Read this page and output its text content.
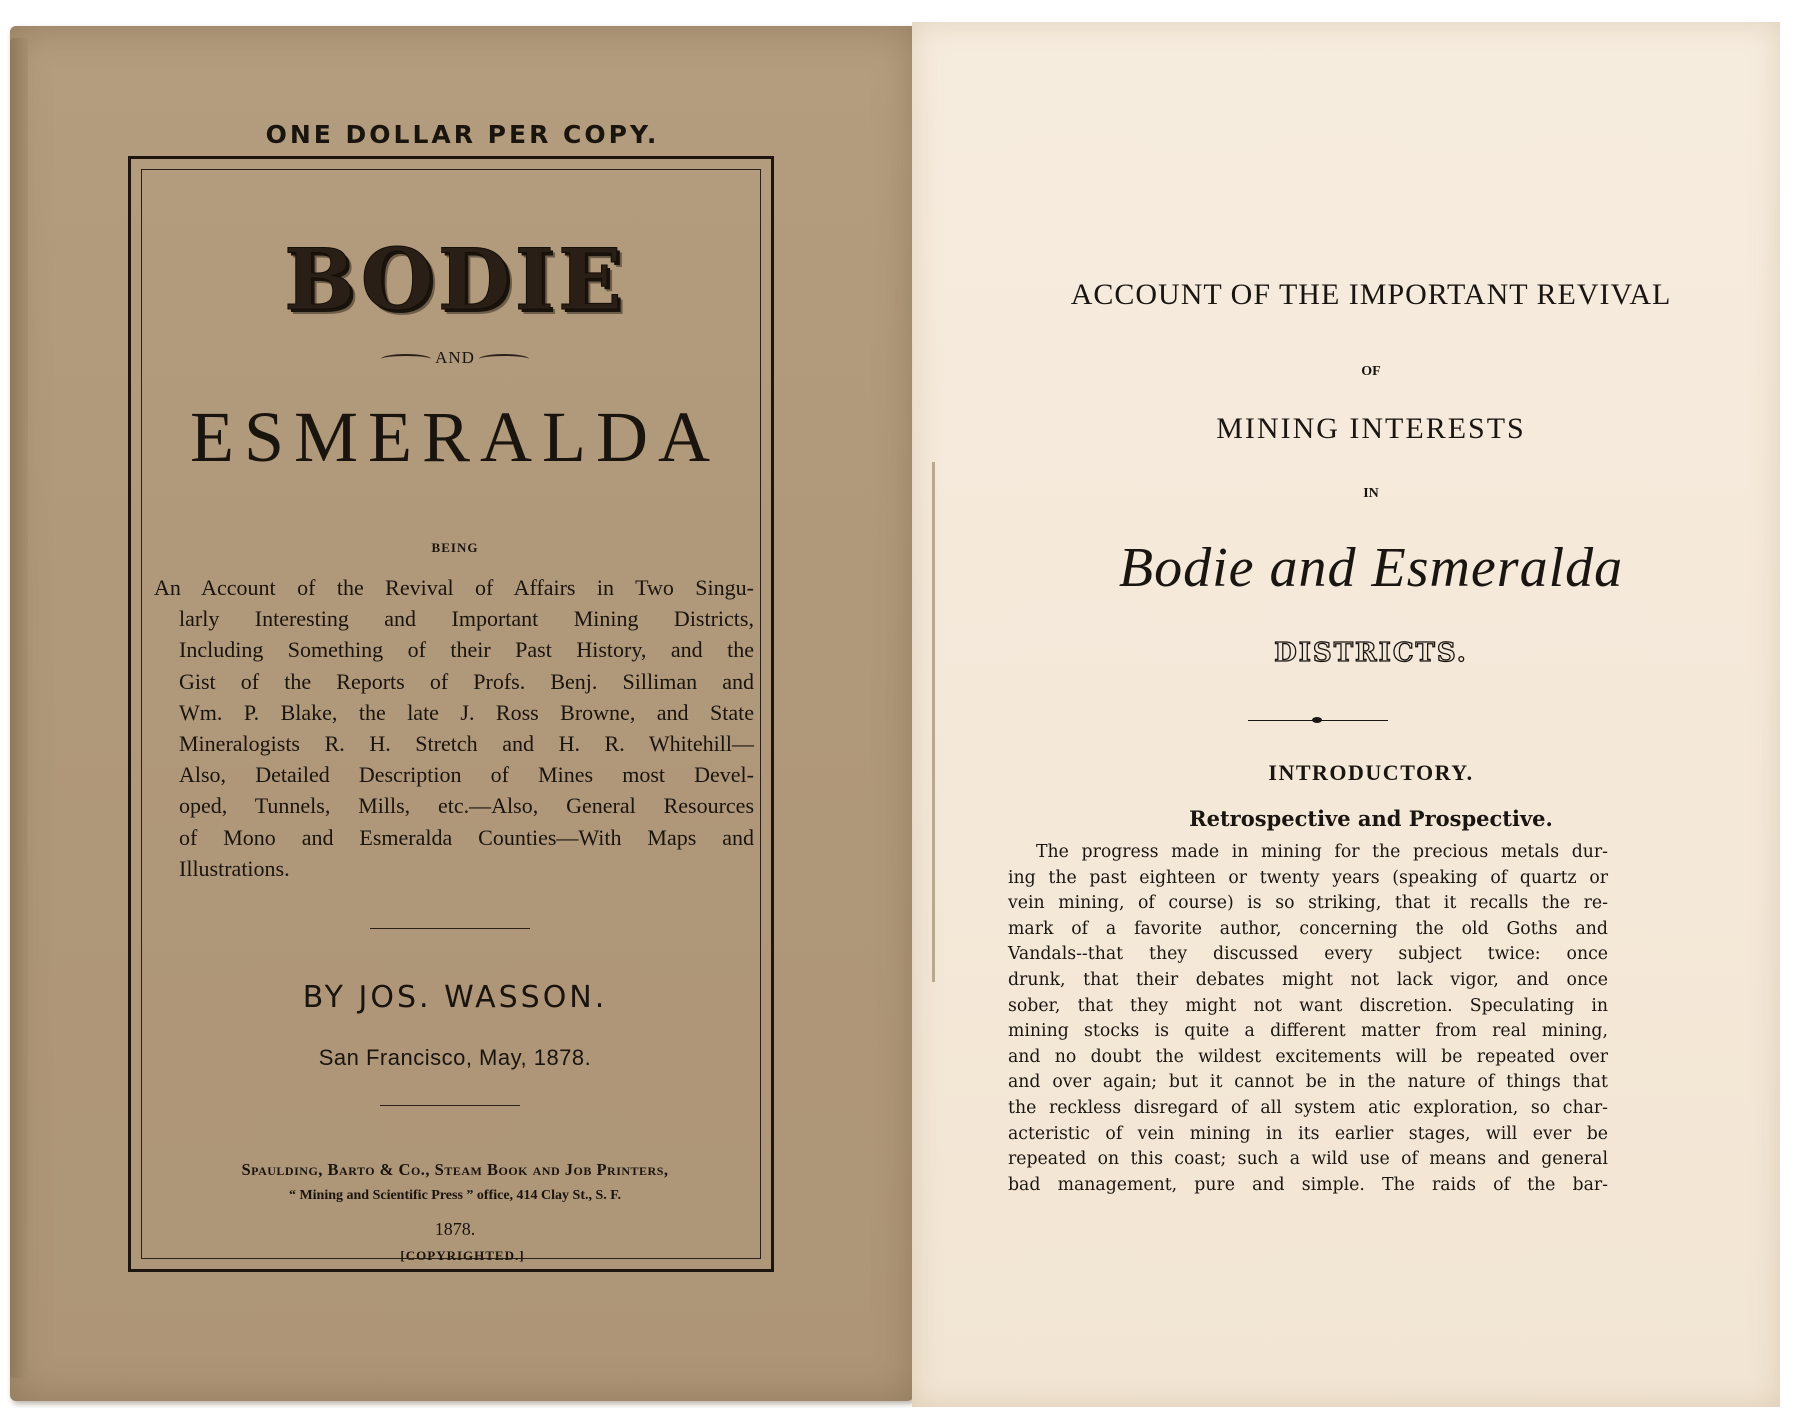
ONE DOLLAR PER COPY.
BODIE
AND
ESMERALDA
BEING
An Account of the Revival of Affairs in Two Singu-
larly Interesting and Important Mining Districts,
Including Something of their Past History, and the
Gist of the Reports of Profs. Benj. Silliman and
Wm. P. Blake, the late J. Ross Browne, and State
Mineralogists R. H. Stretch and H. R. Whitehill—
Also, Detailed Description of Mines most Devel-
oped, Tunnels, Mills, etc.—Also, General Resources
of Mono and Esmeralda Counties—With Maps and
Illustrations.
BY JOS. WASSON.
San Francisco, May, 1878.
Spaulding, Barto & Co., Steam Book and Job Printers,
“ Mining and Scientific Press ” office, 414 Clay St., S. F.
1878.
[COPYRIGHTED.]
ACCOUNT OF THE IMPORTANT REVIVAL
OF
MINING INTERESTS
IN
Bodie and Esmeralda
DISTRICTS.
INTRODUCTORY.
Retrospective and Prospective.
The progress made in mining for the precious metals dur-
ing the past eighteen or twenty years (speaking of quartz or
vein mining, of course) is so striking, that it recalls the re-
mark of a favorite author, concerning the old Goths and
Vandals--that they discussed every subject twice: once
drunk, that their debates might not lack vigor, and once
sober, that they might not want discretion. Speculating in
mining stocks is quite a different matter from real mining,
and no doubt the wildest excitements will be repeated over
and over again; but it cannot be in the nature of things that
the reckless disregard of all system atic exploration, so char-
acteristic of vein mining in its earlier stages, will ever be
repeated on this coast; such a wild use of means and general
bad management, pure and simple. The raids of the bar-
